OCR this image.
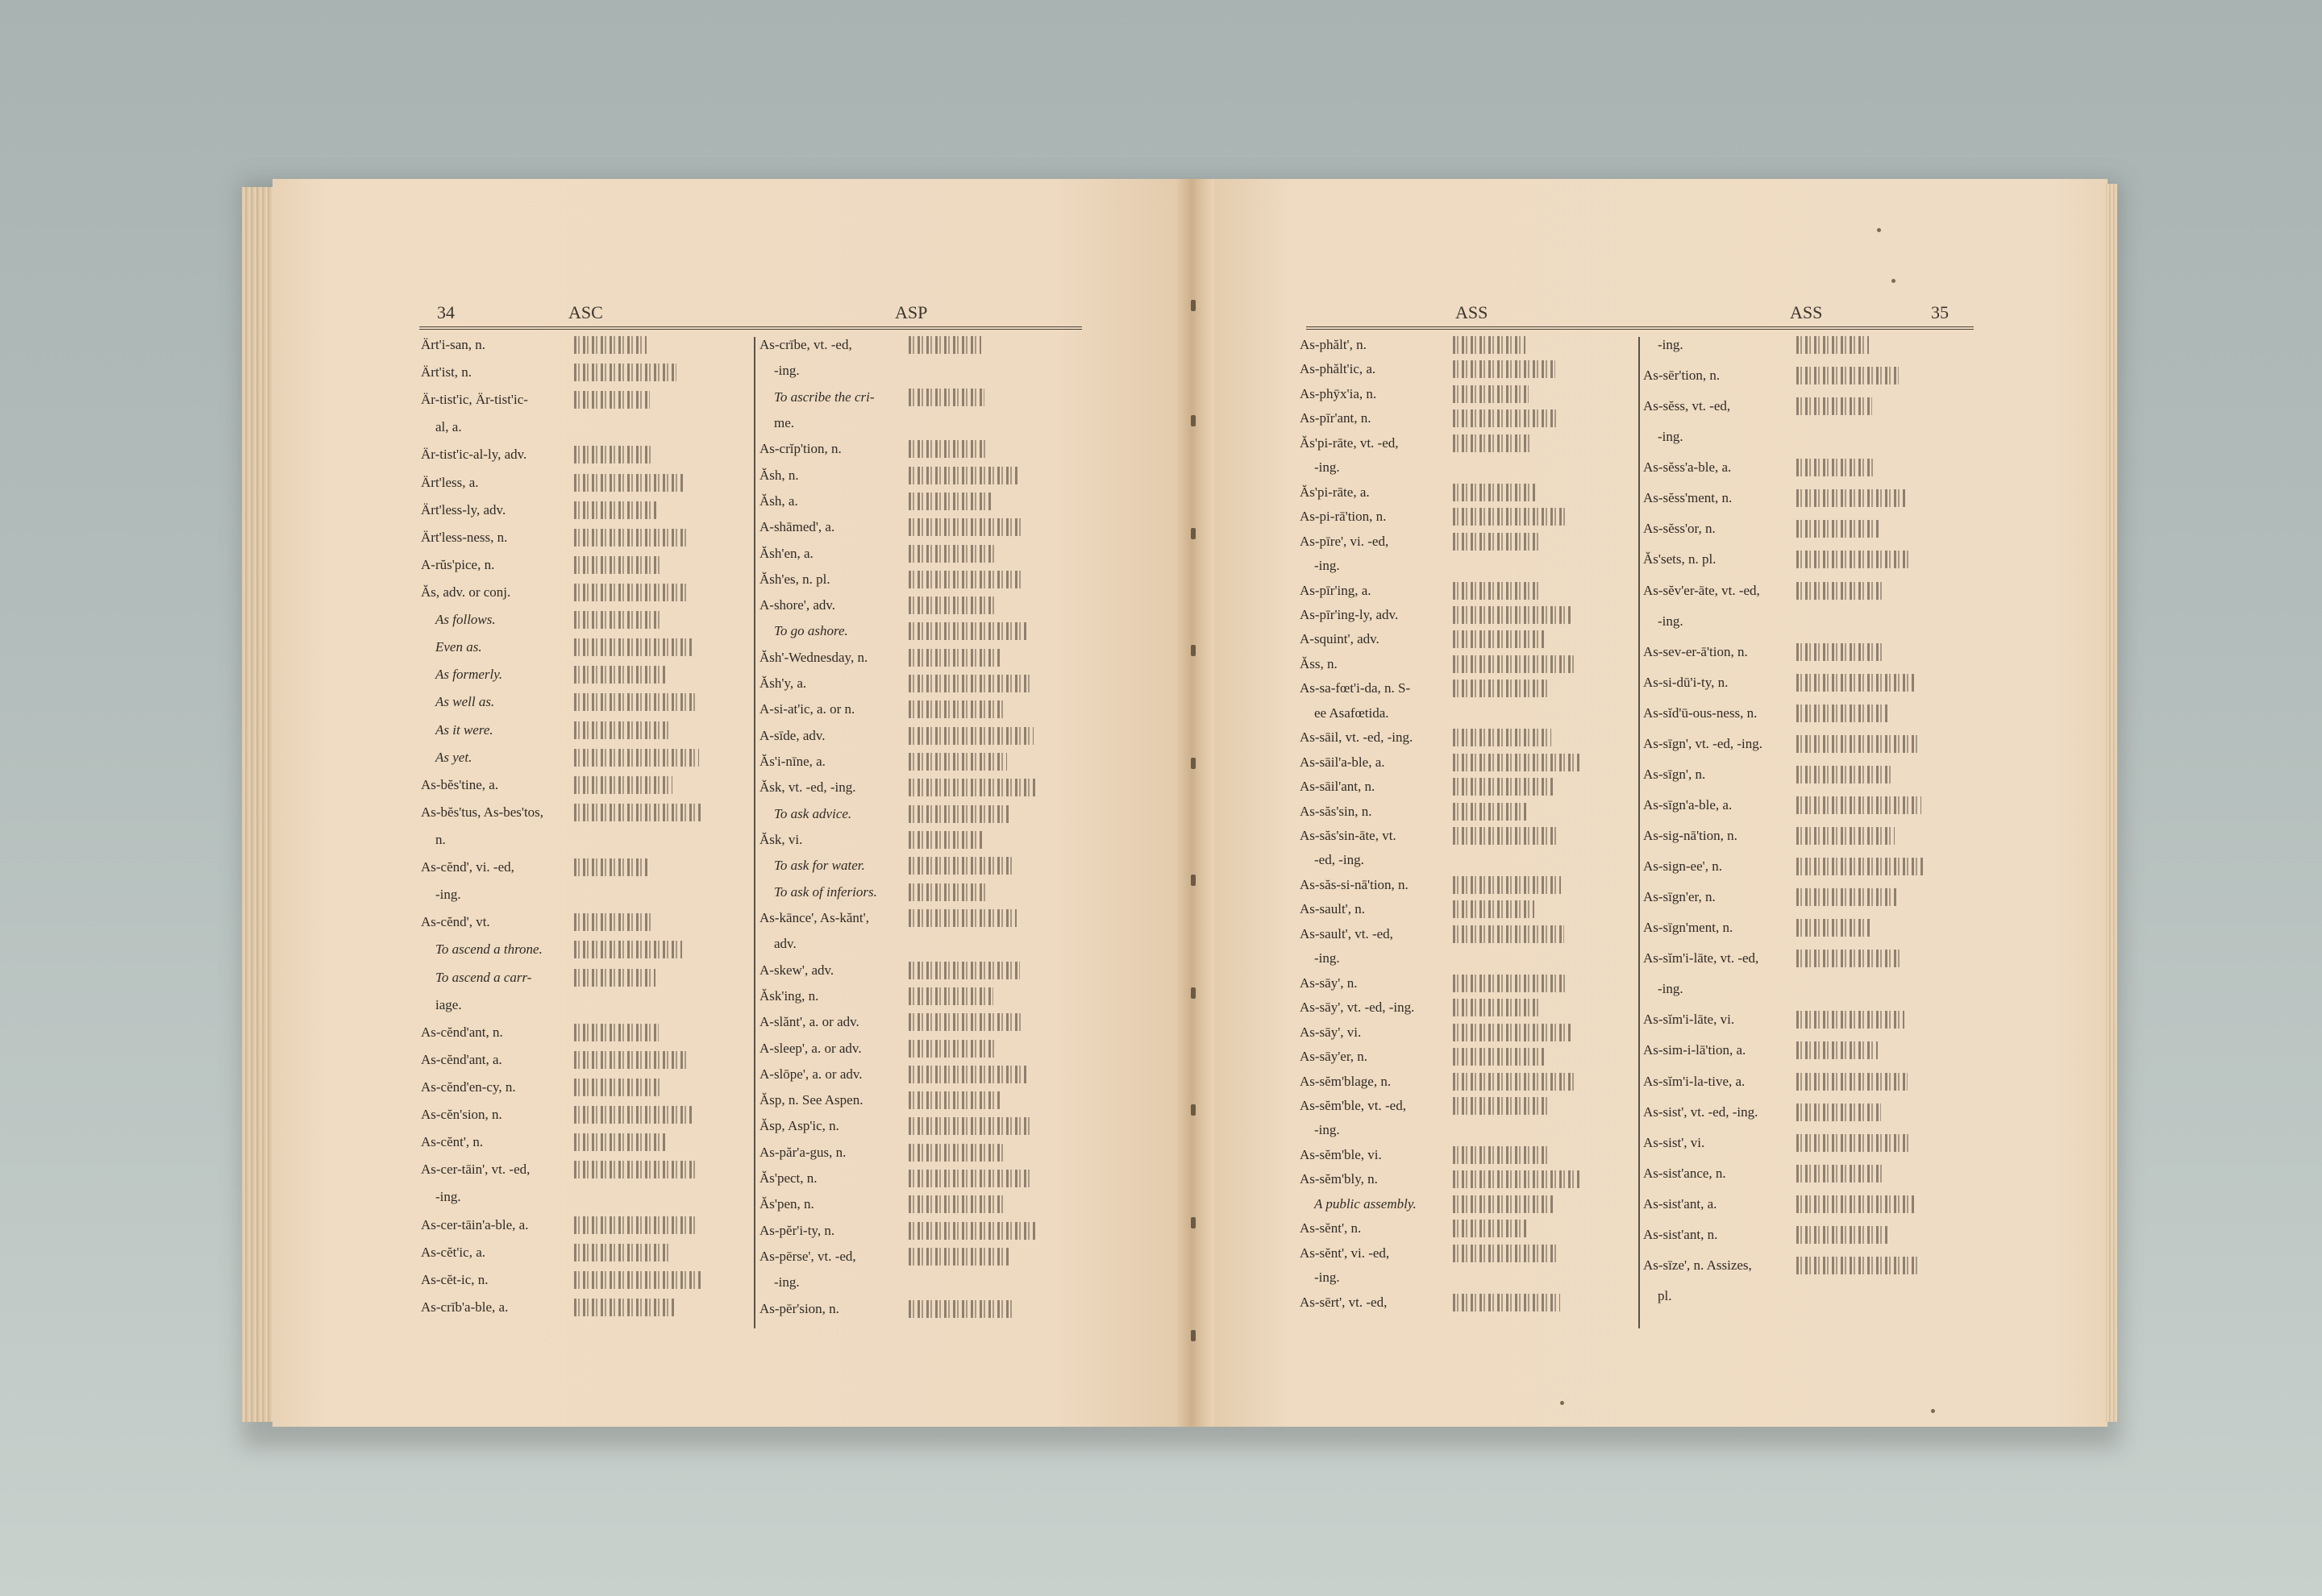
34	ASC	ASP
Ärt'i-san, n.
Ärt'ist, n.
Är-tist'ic, Är-tist'ic-
al, a.
Är-tist'ic-al-ly, adv.
Ärt'less, a.
Ärt'less-ly, adv.
Ärt'less-ness, n.
A-rŭs'pice, n.
Ăs, adv. or conj.
As follows.
Even as.
As formerly.
As well as.
As it were.
As yet.
As-bĕs'tine, a.
As-bĕs'tus, As-bes'tos,
n.
As-cĕnd', vi. -ed,
-ing.
As-cĕnd', vt.
To ascend a throne.
To ascend a carr-
iage.
As-cĕnd'ant, n.
As-cĕnd'ant, a.
As-cĕnd'en-cy, n.
As-cĕn'sion, n.
As-cĕnt', n.
As-cer-tāin', vt. -ed,
-ing.
As-cer-tāin'a-ble, a.
As-cĕt'ic, a.
As-cĕt-ic, n.
As-crīb'a-ble, a.
As-crībe, vt. -ed,
-ing.
To ascribe the cri-
me.
As-crĭp'tion, n.
Ăsh, n.
Ăsh, a.
A-shāmed', a.
Ăsh'en, a.
Ăsh'es, n. pl.
A-shore', adv.
To go ashore.
Ăsh'-Wednesday, n.
Ăsh'y, a.
A-si-at'ic, a. or n.
A-sīde, adv.
Ăs'i-nīne, a.
Ăsk, vt. -ed, -ing.
To ask advice.
Ăsk, vi.
To ask for water.
To ask of inferiors.
As-kānce', As-kănt',
adv.
A-skew', adv.
Ăsk'ing, n.
A-slănt', a. or adv.
A-sleep', a. or adv.
A-slōpe', a. or adv.
Ăsp, n. See Aspen.
Ăsp, Asp'ic, n.
As-păr'a-gus, n.
Ăs'pect, n.
Ăs'pen, n.
As-pĕr'i-ty, n.
As-pērse', vt. -ed,
-ing.
As-pēr'sion, n.
ASS	ASS	35
As-phălt', n.
As-phălt'ic, a.
As-phȳx'ia, n.
As-pīr'ant, n.
Ăs'pi-rāte, vt. -ed,
-ing.
Ăs'pi-rāte, a.
As-pi-rā'tion, n.
As-pīre', vi. -ed,
-ing.
As-pīr'ing, a.
As-pīr'ing-ly, adv.
A-squint', adv.
Ăss, n.
As-sa-fœt'i-da, n. S-
ee Asafœtida.
As-sāil, vt. -ed, -ing.
As-sāil'a-ble, a.
As-sāil'ant, n.
As-săs'sin, n.
As-săs'sin-āte, vt.
-ed, -ing.
As-săs-si-nā'tion, n.
As-sault', n.
As-sault', vt. -ed,
-ing.
As-sāy', n.
As-sāy', vt. -ed, -ing.
As-sāy', vi.
As-sāy'er, n.
As-sĕm'blage, n.
As-sĕm'ble, vt. -ed,
-ing.
As-sĕm'ble, vi.
As-sĕm'bly, n.
A public assembly.
As-sĕnt', n.
As-sĕnt', vi. -ed,
-ing.
As-sērt', vt. -ed,
-ing.
As-sēr'tion, n.
As-sĕss, vt. -ed,
-ing.
As-sĕss'a-ble, a.
As-sĕss'ment, n.
As-sĕss'or, n.
Ăs'sets, n. pl.
As-sĕv'er-āte, vt. -ed,
-ing.
As-sev-er-ā'tion, n.
As-si-dū'i-ty, n.
As-sĭd'ū-ous-ness, n.
As-sīgn', vt. -ed, -ing.
As-sīgn', n.
As-sīgn'a-ble, a.
As-sig-nā'tion, n.
As-sign-ee', n.
As-sīgn'er, n.
As-sīgn'ment, n.
As-sĭm'i-lāte, vt. -ed,
-ing.
As-sĭm'i-lāte, vi.
As-sim-i-lā'tion, a.
As-sĭm'i-la-tive, a.
As-sist', vt. -ed, -ing.
As-sist', vi.
As-sist'ance, n.
As-sist'ant, a.
As-sist'ant, n.
As-sīze', n. Assizes,
pl.
